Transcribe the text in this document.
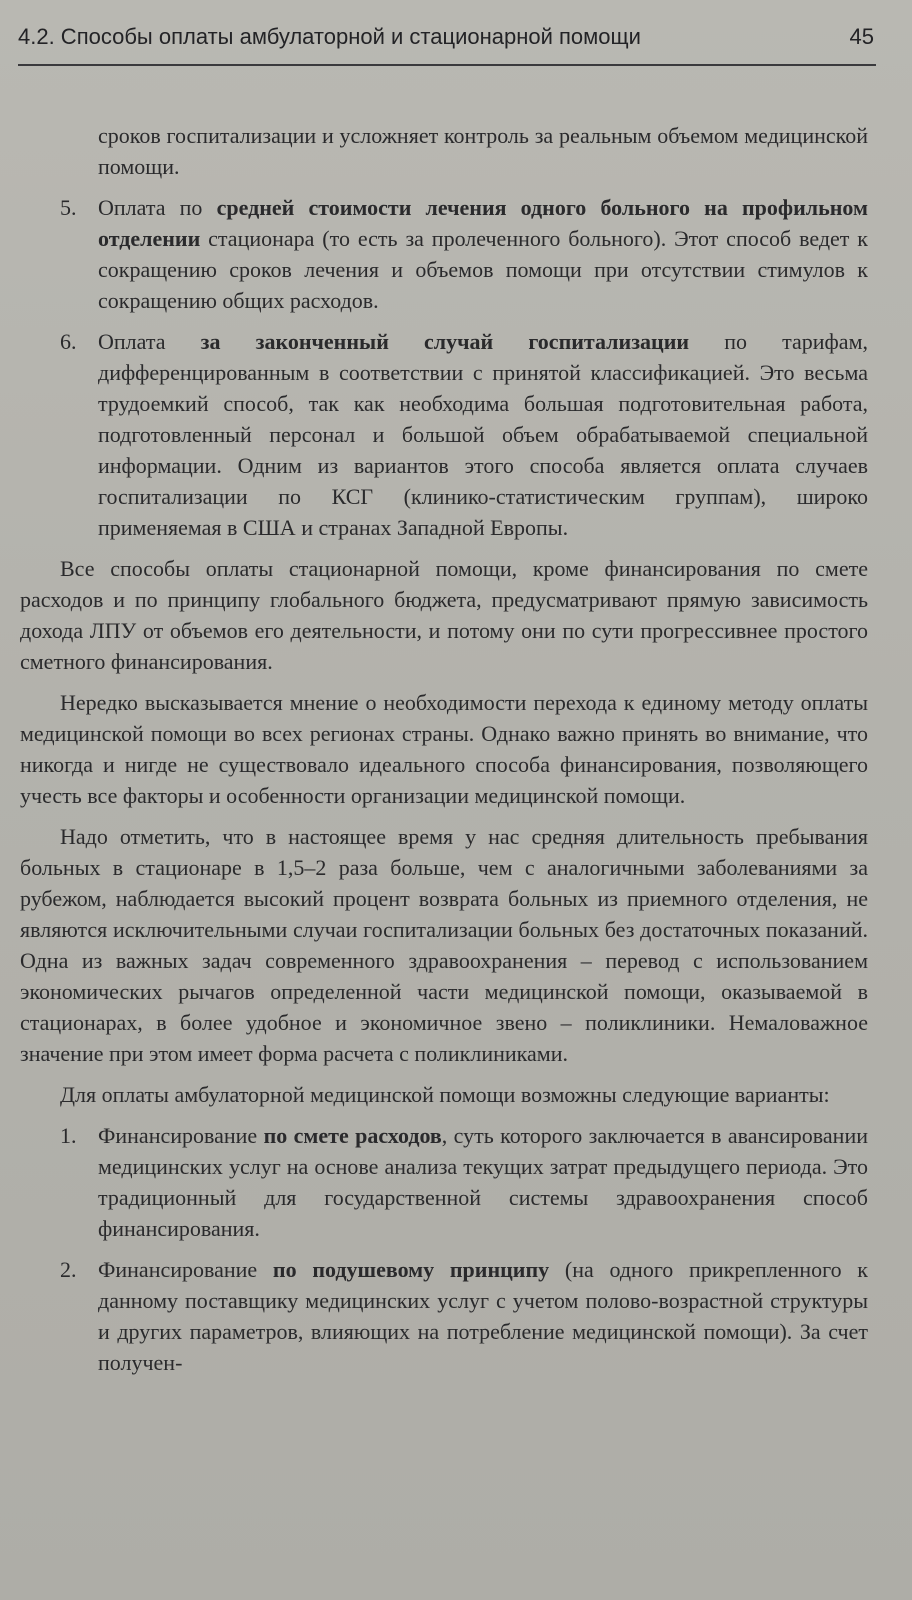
4.2. Способы оплаты амбулаторной и стационарной помощи	45

сроков госпитализации и усложняет контроль за реальным объемом медицинской помощи.

5. Оплата по средней стоимости лечения одного больного на профильном отделении стационара (то есть за пролеченного больного). Этот способ ведет к сокращению сроков лечения и объемов помощи при отсутствии стимулов к сокращению общих расходов.
6. Оплата за законченный случай госпитализации по тарифам, дифференцированным в соответствии с принятой классификацией. Это весьма трудоемкий способ, так как необходима большая подготовительная работа, подготовленный персонал и большой объем обрабатываемой специальной информации. Одним из вариантов этого способа является оплата случаев госпитализации по КСГ (клинико-статистическим группам), широко применяемая в США и странах Западной Европы.

Все способы оплаты стационарной помощи, кроме финансирования по смете расходов и по принципу глобального бюджета, предусматривают прямую зависимость дохода ЛПУ от объемов его деятельности, и потому они по сути прогрессивнее простого сметного финансирования.

Нередко высказывается мнение о необходимости перехода к единому методу оплаты медицинской помощи во всех регионах страны. Однако важно принять во внимание, что никогда и нигде не существовало идеального способа финансирования, позволяющего учесть все факторы и особенности организации медицинской помощи.

Надо отметить, что в настоящее время у нас средняя длительность пребывания больных в стационаре в 1,5–2 раза больше, чем с аналогичными заболеваниями за рубежом, наблюдается высокий процент возврата больных из приемного отделения, не являются исключительными случаи госпитализации больных без достаточных показаний. Одна из важных задач современного здравоохранения – перевод с использованием экономических рычагов определенной части медицинской помощи, оказываемой в стационарах, в более удобное и экономичное звено – поликлиники. Немаловажное значение при этом имеет форма расчета с поликлиниками.

Для оплаты амбулаторной медицинской помощи возможны следующие варианты:

1. Финансирование по смете расходов, суть которого заключается в авансировании медицинских услуг на основе анализа текущих затрат предыдущего периода. Это традиционный для государственной системы здравоохранения способ финансирования.
2. Финансирование по подушевому принципу (на одного прикрепленного к данному поставщику медицинских услуг с учетом полово-возрастной структуры и других параметров, влияющих на потребление медицинской помощи). За счет получен-
